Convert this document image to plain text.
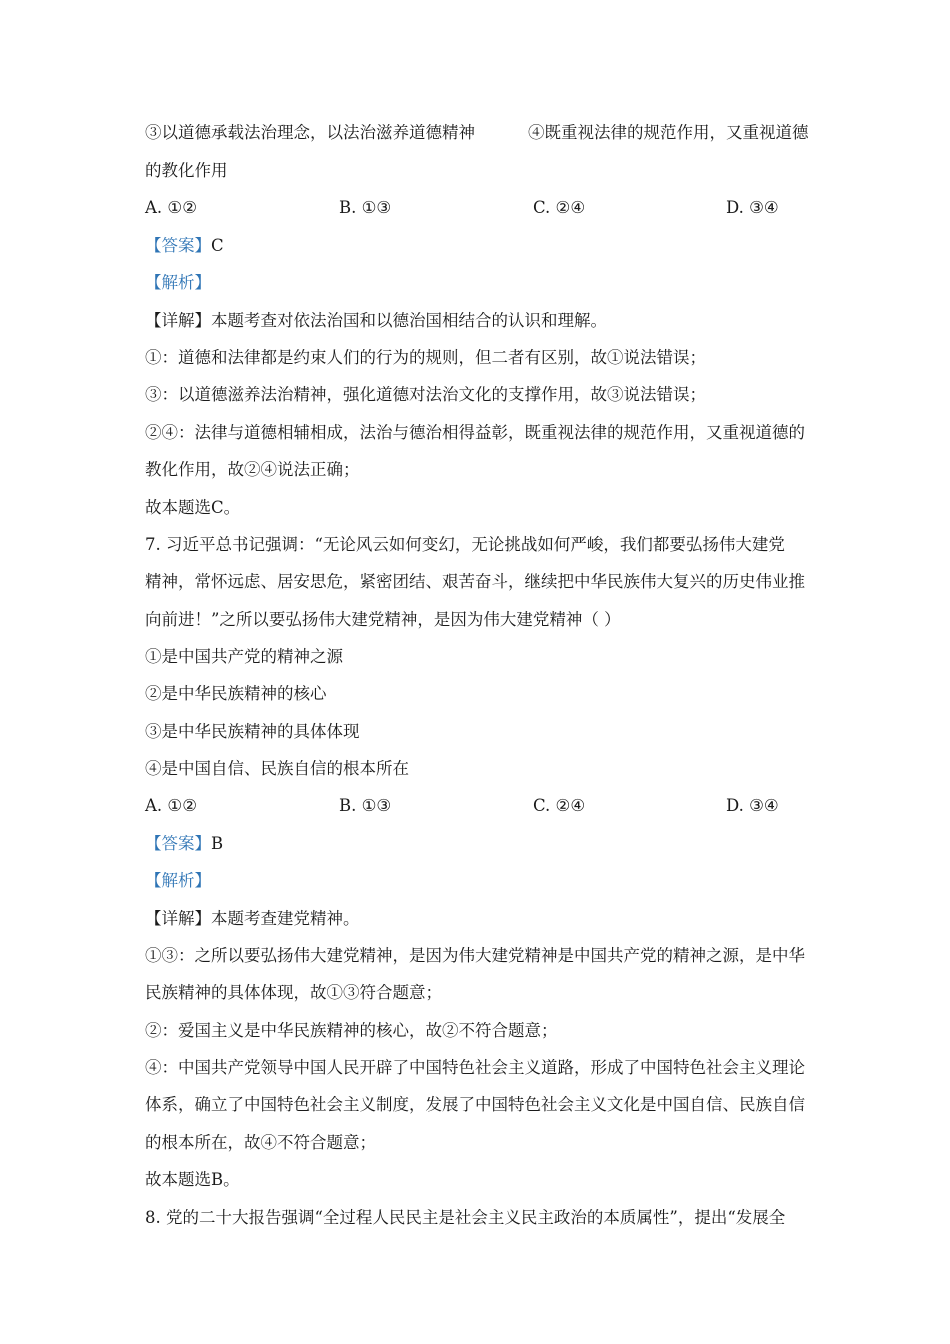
③以道德承载法治理念，以法治滋养道德精神	④既重视法律的规范作用，又重视道德
的教化作用
A. ①②	B. ①③	C. ②④	D. ③④
【答案】C
【解析】
【详解】本题考查对依法治国和以德治国相结合的认识和理解。
①：道德和法律都是约束人们的行为的规则，但二者有区别，故①说法错误；
③：以道德滋养法治精神，强化道德对法治文化的支撑作用，故③说法错误；
②④：法律与道德相辅相成，法治与德治相得益彰，既重视法律的规范作用，又重视道德的
教化作用，故②④说法正确；
故本题选C。
7. 习近平总书记强调：“无论风云如何变幻，无论挑战如何严峻，我们都要弘扬伟大建党
精神，常怀远虑、居安思危，紧密团结、艰苦奋斗，继续把中华民族伟大复兴的历史伟业推
向前进！”之所以要弘扬伟大建党精神，是因为伟大建党精神（ ）
①是中国共产党的精神之源
②是中华民族精神的核心
③是中华民族精神的具体体现
④是中国自信、民族自信的根本所在
A. ①②	B. ①③	C. ②④	D. ③④
【答案】B
【解析】
【详解】本题考查建党精神。
①③：之所以要弘扬伟大建党精神，是因为伟大建党精神是中国共产党的精神之源，是中华
民族精神的具体体现，故①③符合题意；
②：爱国主义是中华民族精神的核心，故②不符合题意；
④：中国共产党领导中国人民开辟了中国特色社会主义道路，形成了中国特色社会主义理论
体系，确立了中国特色社会主义制度，发展了中国特色社会主义文化是中国自信、民族自信
的根本所在，故④不符合题意；
故本题选B。
8. 党的二十大报告强调“全过程人民民主是社会主义民主政治的本质属性”，提出“发展全
